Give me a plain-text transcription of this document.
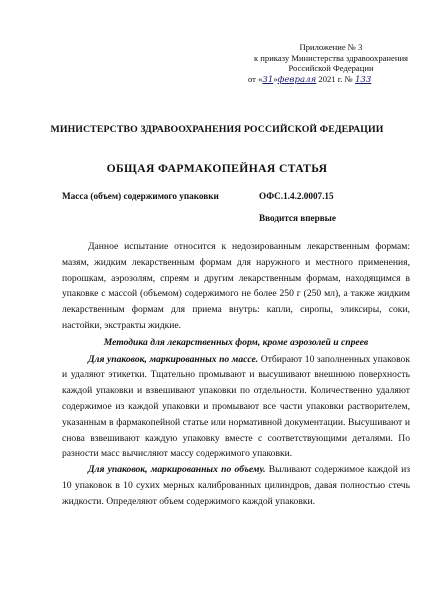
Приложение № 3
к приказу Министерства здравоохранения
Российской Федерации
от «31»февраля 2021 г. № 133
МИНИСТЕРСТВО ЗДРАВООХРАНЕНИЯ РОССИЙСКОЙ ФЕДЕРАЦИИ
ОБЩАЯ ФАРМАКОПЕЙНАЯ СТАТЬЯ
Масса (объем) содержимого упаковки	ОФС.1.4.2.0007.15
Вводится впервые

Данное испытание относится к недозированным лекарственным формам: мазям, жидким лекарственным формам для наружного и местного применения, порошкам, аэрозолям, спреям и другим лекарственным формам, находящимся в упаковке с массой (объемом) содержимого не более 250 г (250 мл), а также жидким лекарственным формам для приема внутрь: капли, сиропы, эликсиры, соки, настойки, экстракты жидкие.

Методика для лекарственных форм, кроме аэрозолей и спреев

Для упаковок, маркированных по массе. Отбирают 10 заполненных упаковок и удаляют этикетки. Тщательно промывают и высушивают внешнюю поверхность каждой упаковки и взвешивают упаковки по отдельности. Количественно удаляют содержимое из каждой упаковки и промывают все части упаковки растворителем, указанным в фармакопейной статье или нормативной документации. Высушивают и снова взвешивают каждую упаковку вместе с соответствующими деталями. По разности масс вычисляют массу содержимого упаковки.

Для упаковок, маркированных по объему. Выливают содержимое каждой из 10 упаковок в 10 сухих мерных калиброванных цилиндров, давая полностью стечь жидкости. Определяют объем содержимого каждой упаковки.
